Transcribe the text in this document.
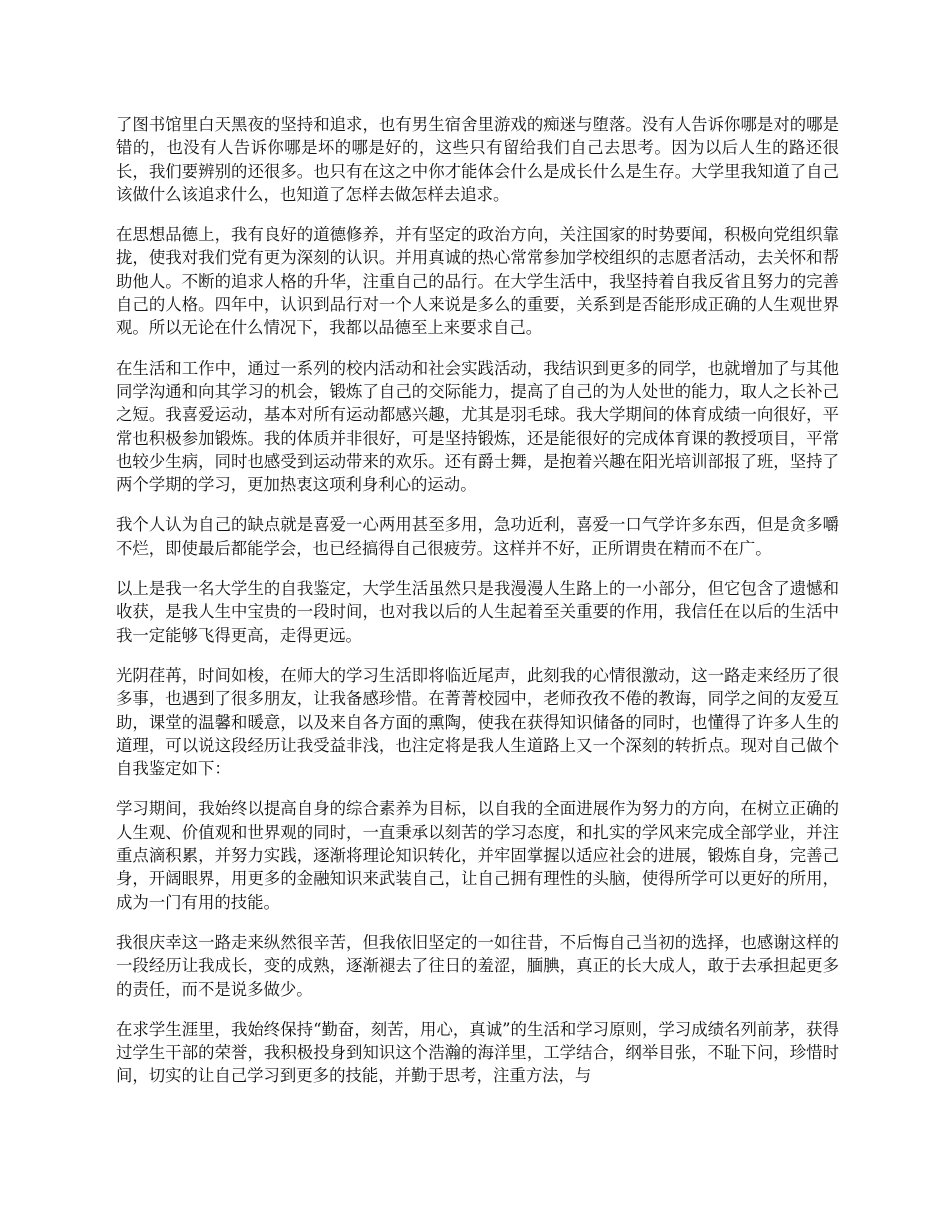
了图书馆里白天黑夜的坚持和追求，也有男生宿舍里游戏的痴迷与堕落。没有人告诉你哪是对的哪是错的，也没有人告诉你哪是坏的哪是好的，这些只有留给我们自己去思考。因为以后人生的路还很长，我们要辨别的还很多。也只有在这之中你才能体会什么是成长什么是生存。大学里我知道了自己该做什么该追求什么，也知道了怎样去做怎样去追求。

在思想品德上，我有良好的道德修养，并有坚定的政治方向，关注国家的时势要闻，积极向党组织靠拢，使我对我们党有更为深刻的认识。并用真诚的热心常常参加学校组织的志愿者活动，去关怀和帮助他人。不断的追求人格的升华，注重自己的品行。在大学生活中，我坚持着自我反省且努力的完善自己的人格。四年中，认识到品行对一个人来说是多么的重要，关系到是否能形成正确的人生观世界观。所以无论在什么情况下，我都以品德至上来要求自己。

在生活和工作中，通过一系列的校内活动和社会实践活动，我结识到更多的同学，也就增加了与其他同学沟通和向其学习的机会，锻炼了自己的交际能力，提高了自己的为人处世的能力，取人之长补己之短。我喜爱运动，基本对所有运动都感兴趣，尤其是羽毛球。我大学期间的体育成绩一向很好，平常也积极参加锻炼。我的体质并非很好，可是坚持锻炼，还是能很好的完成体育课的教授项目，平常也较少生病，同时也感受到运动带来的欢乐。还有爵士舞，是抱着兴趣在阳光培训部报了班，坚持了两个学期的学习，更加热衷这项利身利心的运动。

我个人认为自己的缺点就是喜爱一心两用甚至多用，急功近利，喜爱一口气学许多东西，但是贪多嚼不烂，即使最后都能学会，也已经搞得自己很疲劳。这样并不好，正所谓贵在精而不在广。

以上是我一名大学生的自我鉴定，大学生活虽然只是我漫漫人生路上的一小部分，但它包含了遗憾和收获，是我人生中宝贵的一段时间，也对我以后的人生起着至关重要的作用，我信任在以后的生活中我一定能够飞得更高，走得更远。

光阴荏苒，时间如梭，在师大的学习生活即将临近尾声，此刻我的心情很激动，这一路走来经历了很多事，也遇到了很多朋友，让我备感珍惜。在菁菁校园中，老师孜孜不倦的教诲，同学之间的友爱互助，课堂的温馨和暖意，以及来自各方面的熏陶，使我在获得知识储备的同时，也懂得了许多人生的道理，可以说这段经历让我受益非浅，也注定将是我人生道路上又一个深刻的转折点。现对自己做个自我鉴定如下：

学习期间，我始终以提高自身的综合素养为目标，以自我的全面进展作为努力的方向，在树立正确的人生观、价值观和世界观的同时，一直秉承以刻苦的学习态度，和扎实的学风来完成全部学业，并注重点滴积累，并努力实践，逐渐将理论知识转化，并牢固掌握以适应社会的进展，锻炼自身，完善己身，开阔眼界，用更多的金融知识来武装自己，让自己拥有理性的头脑，使得所学可以更好的所用，成为一门有用的技能。

我很庆幸这一路走来纵然很辛苦，但我依旧坚定的一如往昔，不后悔自己当初的选择，也感谢这样的一段经历让我成长，变的成熟，逐渐褪去了往日的羞涩，腼腆，真正的长大成人，敢于去承担起更多的责任，而不是说多做少。

在求学生涯里，我始终保持“勤奋，刻苦，用心，真诚”的生活和学习原则，学习成绩名列前茅，获得过学生干部的荣誉，我积极投身到知识这个浩瀚的海洋里，工学结合，纲举目张，不耻下问，珍惜时间，切实的让自己学习到更多的技能，并勤于思考，注重方法，与
